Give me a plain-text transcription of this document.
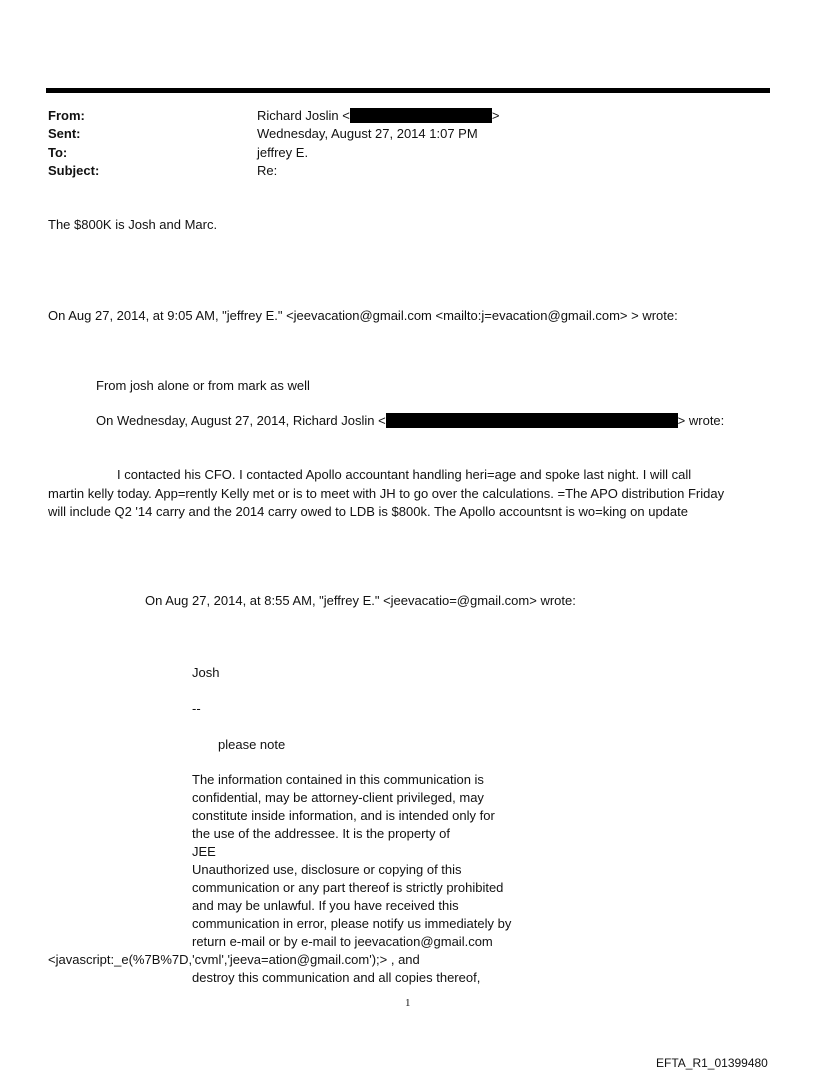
From:	Richard Joslin <	>
Sent:	Wednesday, August 27, 2014 1:07 PM
To:	jeffrey E.
Subject:	Re:
The $800K is Josh and Marc.
On Aug 27, 2014, at 9:05 AM, "jeffrey E." <jeevacation@gmail.com <mailto:j=evacation@gmail.com> > wrote:
From josh alone or from mark as well
On Wednesday, August 27, 2014, Richard Joslin <	> wrote:
I contacted his CFO. I contacted Apollo accountant handling heri=age and spoke last night. I will call
martin kelly today. App=rently Kelly met or is to meet with JH to go over the calculations. =The APO distribution Friday
will include Q2 '14 carry and the 2014 carry owed to LDB is $800k. The Apollo accountsnt is wo=king on update
On Aug 27, 2014, at 8:55 AM, "jeffrey E." <jeevacatio=@gmail.com> wrote:
Josh
--
please note
The information contained in this communication is
confidential, may be attorney-client privileged, may
constitute inside information, and is intended only for
the use of the addressee. It is the property of
JEE
Unauthorized use, disclosure or copying of this
communication or any part thereof is strictly prohibited
and may be unlawful. If you have received this
communication in error, please notify us immediately by
return e-mail or by e-mail to jeevacation@gmail.com
<javascript:_e(%7B%7D,'cvml','jeeva=ation@gmail.com');> , and
destroy this communication and all copies thereof,
1
EFTA_R1_01399480
